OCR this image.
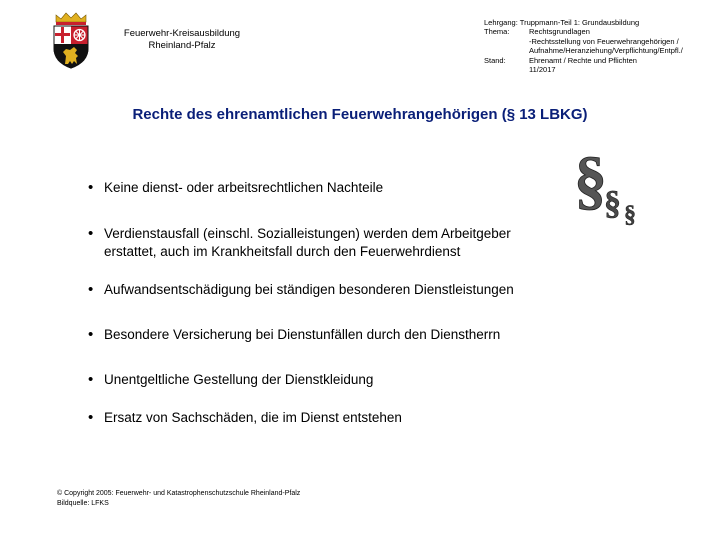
Feuerwehr-Kreisausbildung
Rheinland-Pfalz
Lehrgang: Truppmann-Teil 1: Grundausbildung
Thema:	Rechtsgrundlagen
-Rechtsstellung von Feuerwehrangehörigen /
Aufnahme/Heranziehung/Verpflichtung/Entpfl./
Stand:	Ehrenamt / Rechte und Pflichten
11/2017
Rechte des ehrenamtlichen Feuerwehrangehörigen (§ 13 LBKG)
§
§ §
• Keine dienst- oder arbeitsrechtlichen Nachteile
• Verdienstausfall (einschl. Sozialleistungen) werden dem Arbeitgeber
erstattet, auch im Krankheitsfall durch den Feuerwehrdienst
• Aufwandsentschädigung bei ständigen besonderen Dienstleistungen
• Besondere Versicherung bei Dienstunfällen durch den Dienstherrn
• Unentgeltliche Gestellung der Dienstkleidung
• Ersatz von Sachschäden, die im Dienst entstehen
© Copyright 2005: Feuerwehr- und Katastrophenschutzschule Rheinland-Pfalz
Bildquelle: LFKS
